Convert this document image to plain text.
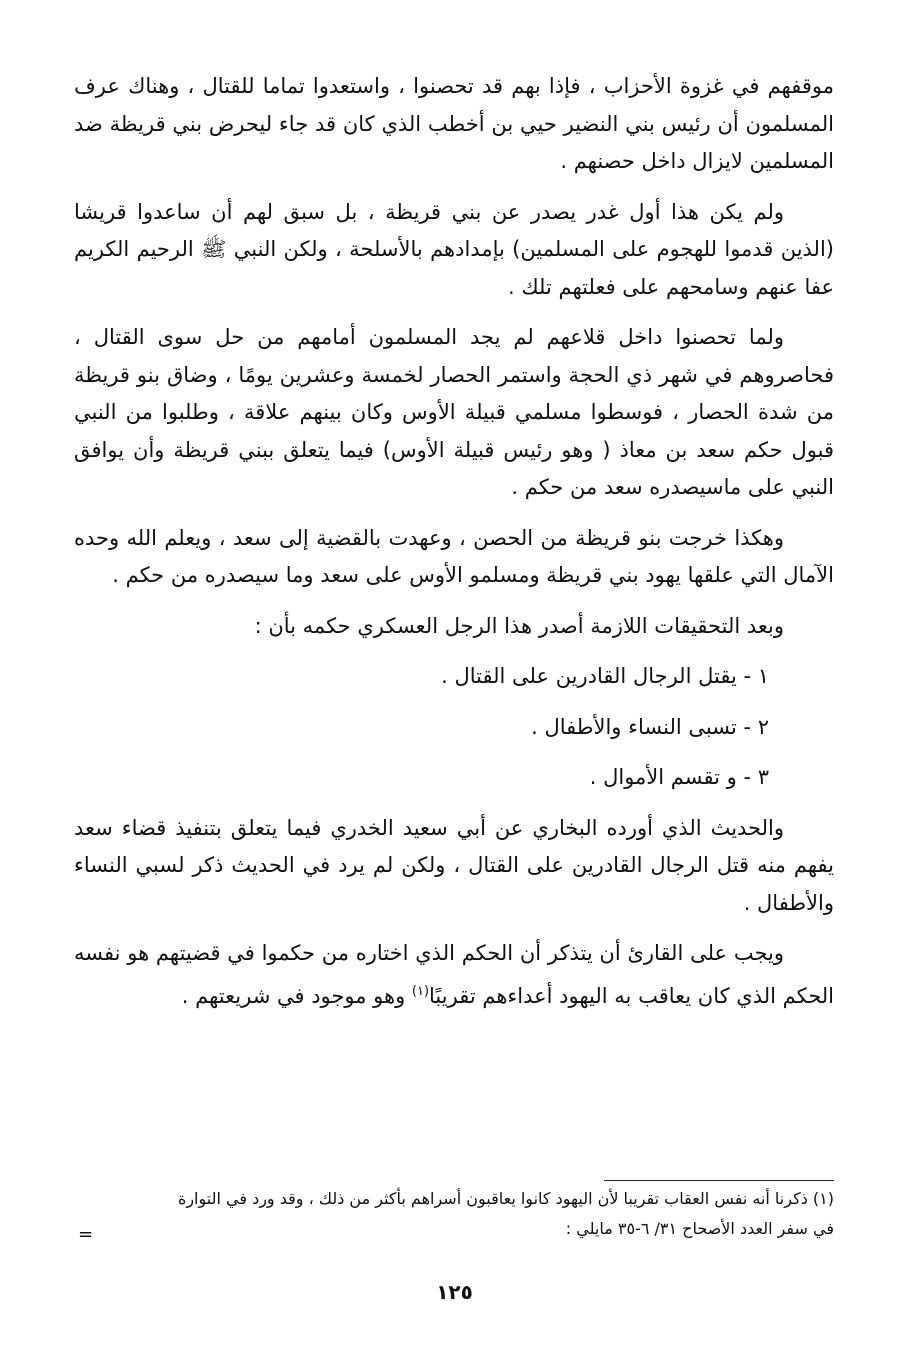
موقفهم في غزوة الأحزاب ، فإذا بهم قد تحصنوا ، واستعدوا تماما للقتال ، وهناك عرف المسلمون أن رئيس بني النضير حيي بن أخطب الذي كان قد جاء ليحرض بني قريظة ضد المسلمين لايزال داخل حصنهم .

ولم يكن هذا أول غدر يصدر عن بني قريظة ، بل سبق لهم أن ساعدوا قريشا (الذين قدموا للهجوم على المسلمين) بإمدادهم بالأسلحة ، ولكن النبي ﷺ الرحيم الكريم عفا عنهم وسامحهم على فعلتهم تلك .

ولما تحصنوا داخل قلاعهم لم يجد المسلمون أمامهم من حل سوى القتال ، فحاصروهم في شهر ذي الحجة واستمر الحصار لخمسة وعشرين يومًا ، وضاق بنو قريظة من شدة الحصار ، فوسطوا مسلمي قبيلة الأوس وكان بينهم علاقة ، وطلبوا من النبي قبول حكم سعد بن معاذ ( وهو رئيس قبيلة الأوس) فيما يتعلق ببني قريظة وأن يوافق النبي على ماسيصدره سعد من حكم .

وهكذا خرجت بنو قريظة من الحصن ، وعهدت بالقضية إلى سعد ، ويعلم الله وحده الآمال التي علقها يهود بني قريظة ومسلمو الأوس على سعد وما سيصدره من حكم .

وبعد التحقيقات اللازمة أصدر هذا الرجل العسكري حكمه بأن :

١ - يقتل الرجال القادرين على القتال .

٢ - تسبى النساء والأطفال .

٣ - و تقسم الأموال .

والحديث الذي أورده البخاري عن أبي سعيد الخدري فيما يتعلق بتنفيذ قضاء سعد يفهم منه قتل الرجال القادرين على القتال ، ولكن لم يرد في الحديث ذكر لسبي النساء والأطفال .

ويجب على القارئ أن يتذكر أن الحكم الذي اختاره من حكموا في قضيتهم هو نفسه الحكم الذي كان يعاقب به اليهود أعداءهم تقريبًا$^{(١)}$ وهو موجود في شريعتهم .

(١) ذكرنا أنه نفس العقاب تقريبا لأن اليهود كانوا يعاقبون أسراهم بأكثر من ذلك ، وقد ورد في التوارة
في سفر العدد الأصحاح ٣١/ ٦-٣٥ مايلي :
=
١٢٥
